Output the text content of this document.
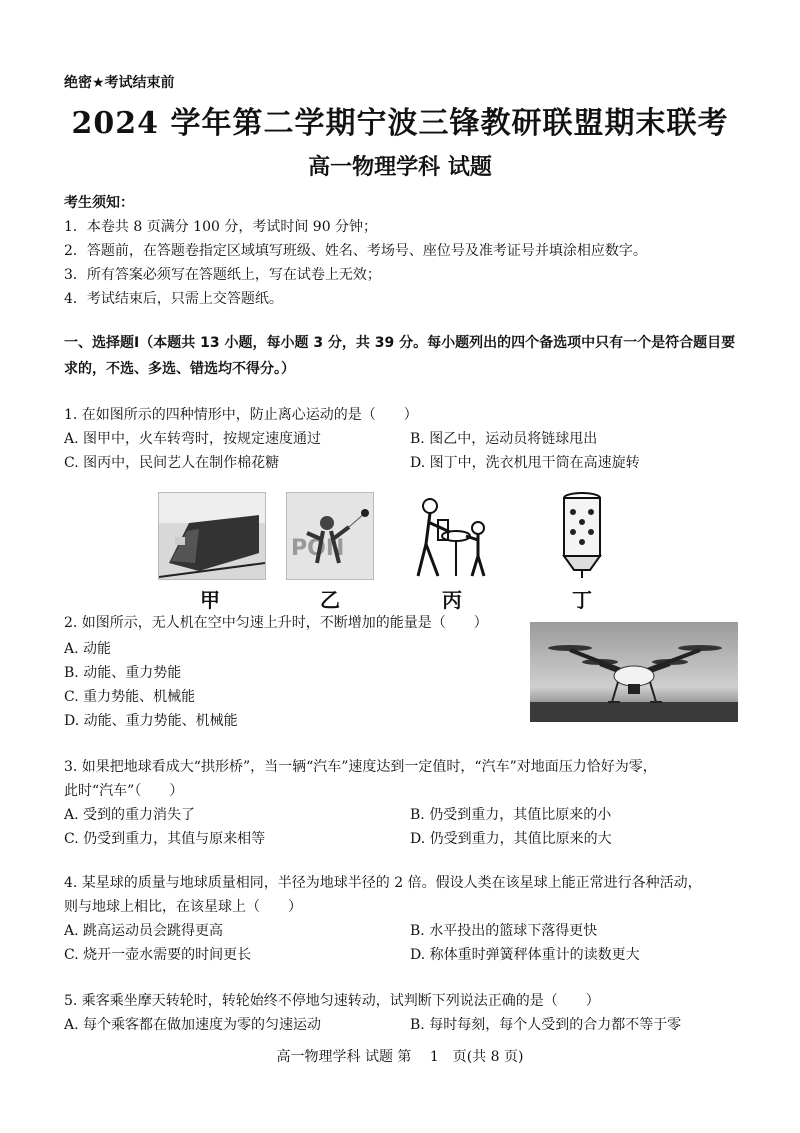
绝密★考试结束前
2024 学年第二学期宁波三锋教研联盟期末联考
高一物理学科 试题
考生须知：
1．本卷共 8 页满分 100 分，考试时间 90 分钟；
2．答题前，在答题卷指定区域填写班级、姓名、考场号、座位号及准考证号并填涂相应数字。
3．所有答案必须写在答题纸上，写在试卷上无效；
4．考试结束后，只需上交答题纸。
一、选择题Ⅰ（本题共 13 小题，每小题 3 分，共 39 分。每小题列出的四个备选项中只有一个是符合题目要求的，不选、多选、错选均不得分。）
1. 在如图所示的四种情形中，防止离心运动的是（　　）
A. 图甲中，火车转弯时，按规定速度通过	B. 图乙中，运动员将链球甩出
C. 图丙中，民间艺人在制作棉花糖	D. 图丁中，洗衣机甩干筒在高速旋转
PON
甲	乙	丙	丁
2. 如图所示，无人机在空中匀速上升时，不断增加的能量是（　　）
A. 动能
B. 动能、重力势能
C. 重力势能、机械能
D. 动能、重力势能、机械能
3. 如果把地球看成大“拱形桥”，当一辆“汽车”速度达到一定值时，“汽车”对地面压力恰好为零，
此时“汽车”（　　）
A. 受到的重力消失了	B. 仍受到重力，其值比原来的小
C. 仍受到重力，其值与原来相等	D. 仍受到重力，其值比原来的大
4. 某星球的质量与地球质量相同，半径为地球半径的 2 倍。假设人类在该星球上能正常进行各种活动，
则与地球上相比，在该星球上（　　）
A. 跳高运动员会跳得更高	B. 水平投出的篮球下落得更快
C. 烧开一壶水需要的时间更长	D. 称体重时弹簧秤体重计的读数更大
5. 乘客乘坐摩天转轮时，转轮始终不停地匀速转动，试判断下列说法正确的是（　　）
A. 每个乘客都在做加速度为零的匀速运动	B. 每时每刻，每个人受到的合力都不等于零
高一物理学科 试题 第　 1　页(共 8 页)
